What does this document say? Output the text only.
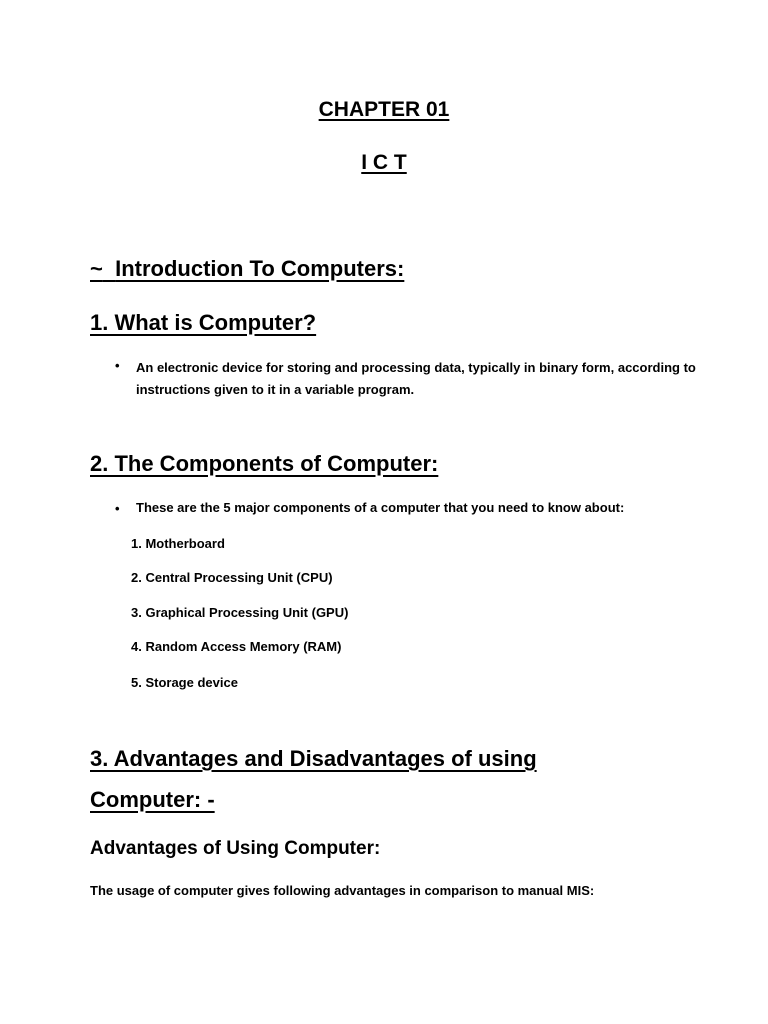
CHAPTER 01
I C T
~ Introduction To Computers:
1. What is Computer?
• An electronic device for storing and processing data, typically in binary form, according to instructions given to it in a variable program.
2. The Components of Computer:
• These are the 5 major components of a computer that you need to know about:
1. Motherboard
2. Central Processing Unit (CPU)
3. Graphical Processing Unit (GPU)
4. Random Access Memory (RAM)
5. Storage device
3. Advantages and Disadvantages of using
Computer: -
Advantages of Using Computer:
The usage of computer gives following advantages in comparison to manual MIS:
